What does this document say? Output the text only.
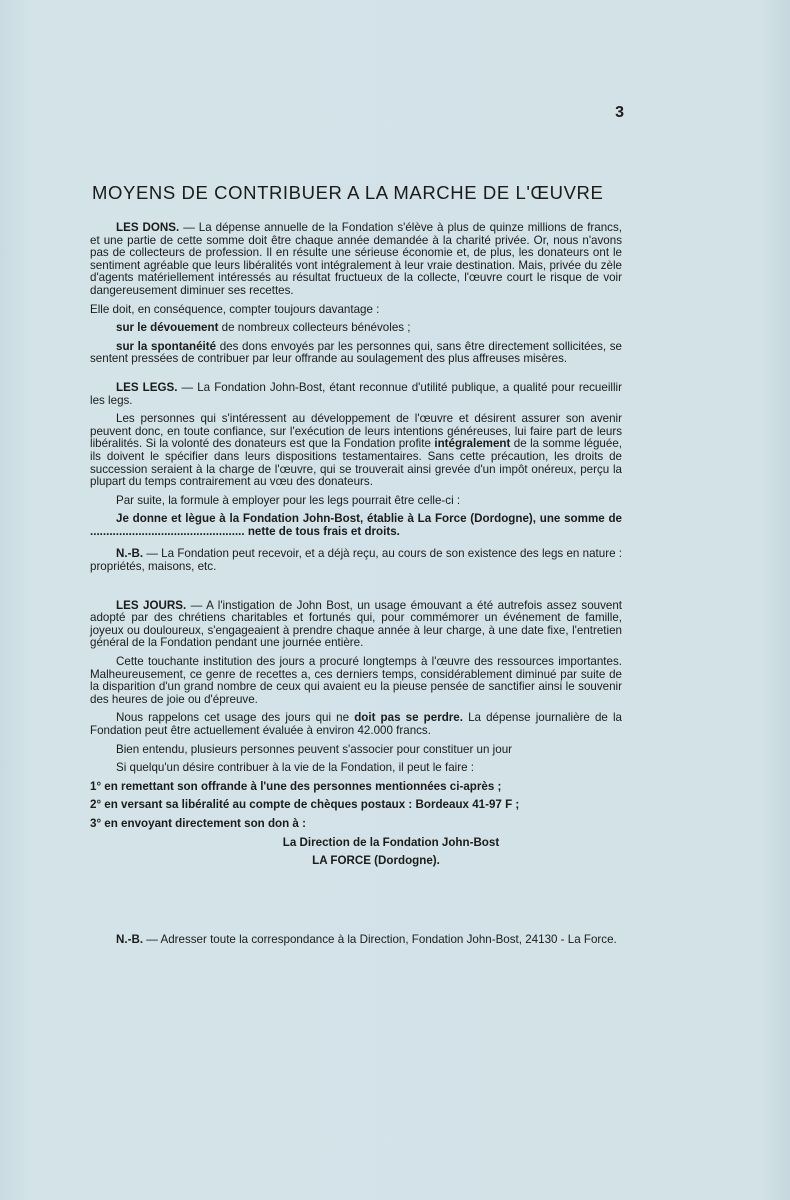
3
MOYENS DE CONTRIBUER A LA MARCHE DE L'ŒUVRE

LES DONS. — La dépense annuelle de la Fondation s'élève à plus de quinze millions de francs, et une partie de cette somme doit être chaque année demandée à la charité privée. Or, nous n'avons pas de collecteurs de profession. Il en résulte une sérieuse économie et, de plus, les donateurs ont le sentiment agréable que leurs libéralités vont intégralement à leur vraie destination. Mais, privée du zèle d'agents matériellement intéressés au résultat fructueux de la collecte, l'œuvre court le risque de voir dangereusement diminuer ses recettes.

Elle doit, en conséquence, compter toujours davantage :

sur le dévouement de nombreux collecteurs bénévoles ;

sur la spontanéité des dons envoyés par les personnes qui, sans être directement sollicitées, se sentent pressées de contribuer par leur offrande au soulagement des plus affreuses misères.

LES LEGS. — La Fondation John-Bost, étant reconnue d'utilité publique, a qualité pour recueillir les legs.

Les personnes qui s'intéressent au développement de l'œuvre et désirent assurer son avenir peuvent donc, en toute confiance, sur l'exécution de leurs intentions généreuses, lui faire part de leurs libéralités. Si la volonté des donateurs est que la Fondation profite intégralement de la somme léguée, ils doivent le spécifier dans leurs dispositions testamentaires. Sans cette précaution, les droits de succession seraient à la charge de l'œuvre, qui se trouverait ainsi grevée d'un impôt onéreux, perçu la plupart du temps contrairement au vœu des donateurs.

Par suite, la formule à employer pour les legs pourrait être celle-ci :

Je donne et lègue à la Fondation John-Bost, établie à La Force (Dordogne), une somme de ................................................ nette de tous frais et droits.

N.-B. — La Fondation peut recevoir, et a déjà reçu, au cours de son existence des legs en nature : propriétés, maisons, etc.

LES JOURS. — A l'instigation de John Bost, un usage émouvant a été autrefois assez souvent adopté par des chrétiens charitables et fortunés qui, pour commémorer un événement de famille, joyeux ou douloureux, s'engageaient à prendre chaque année à leur charge, à une date fixe, l'entretien général de la Fondation pendant une journée entière.

Cette touchante institution des jours a procuré longtemps à l'œuvre des ressources importantes. Malheureusement, ce genre de recettes a, ces derniers temps, considérablement diminué par suite de la disparition d'un grand nombre de ceux qui avaient eu la pieuse pensée de sanctifier ainsi le souvenir des heures de joie ou d'épreuve.

Nous rappelons cet usage des jours qui ne doit pas se perdre. La dépense journalière de la Fondation peut être actuellement évaluée à environ 42.000 francs.

Bien entendu, plusieurs personnes peuvent s'associer pour constituer un jour

Si quelqu'un désire contribuer à la vie de la Fondation, il peut le faire :

1° en remettant son offrande à l'une des personnes mentionnées ci-après ;

2° en versant sa libéralité au compte de chèques postaux : Bordeaux 41-97 F ;

3° en envoyant directement son don à :

La Direction de la Fondation John-Bost

LA FORCE (Dordogne).

N.-B. — Adresser toute la correspondance à la Direction, Fondation John-Bost, 24130 - La Force.
